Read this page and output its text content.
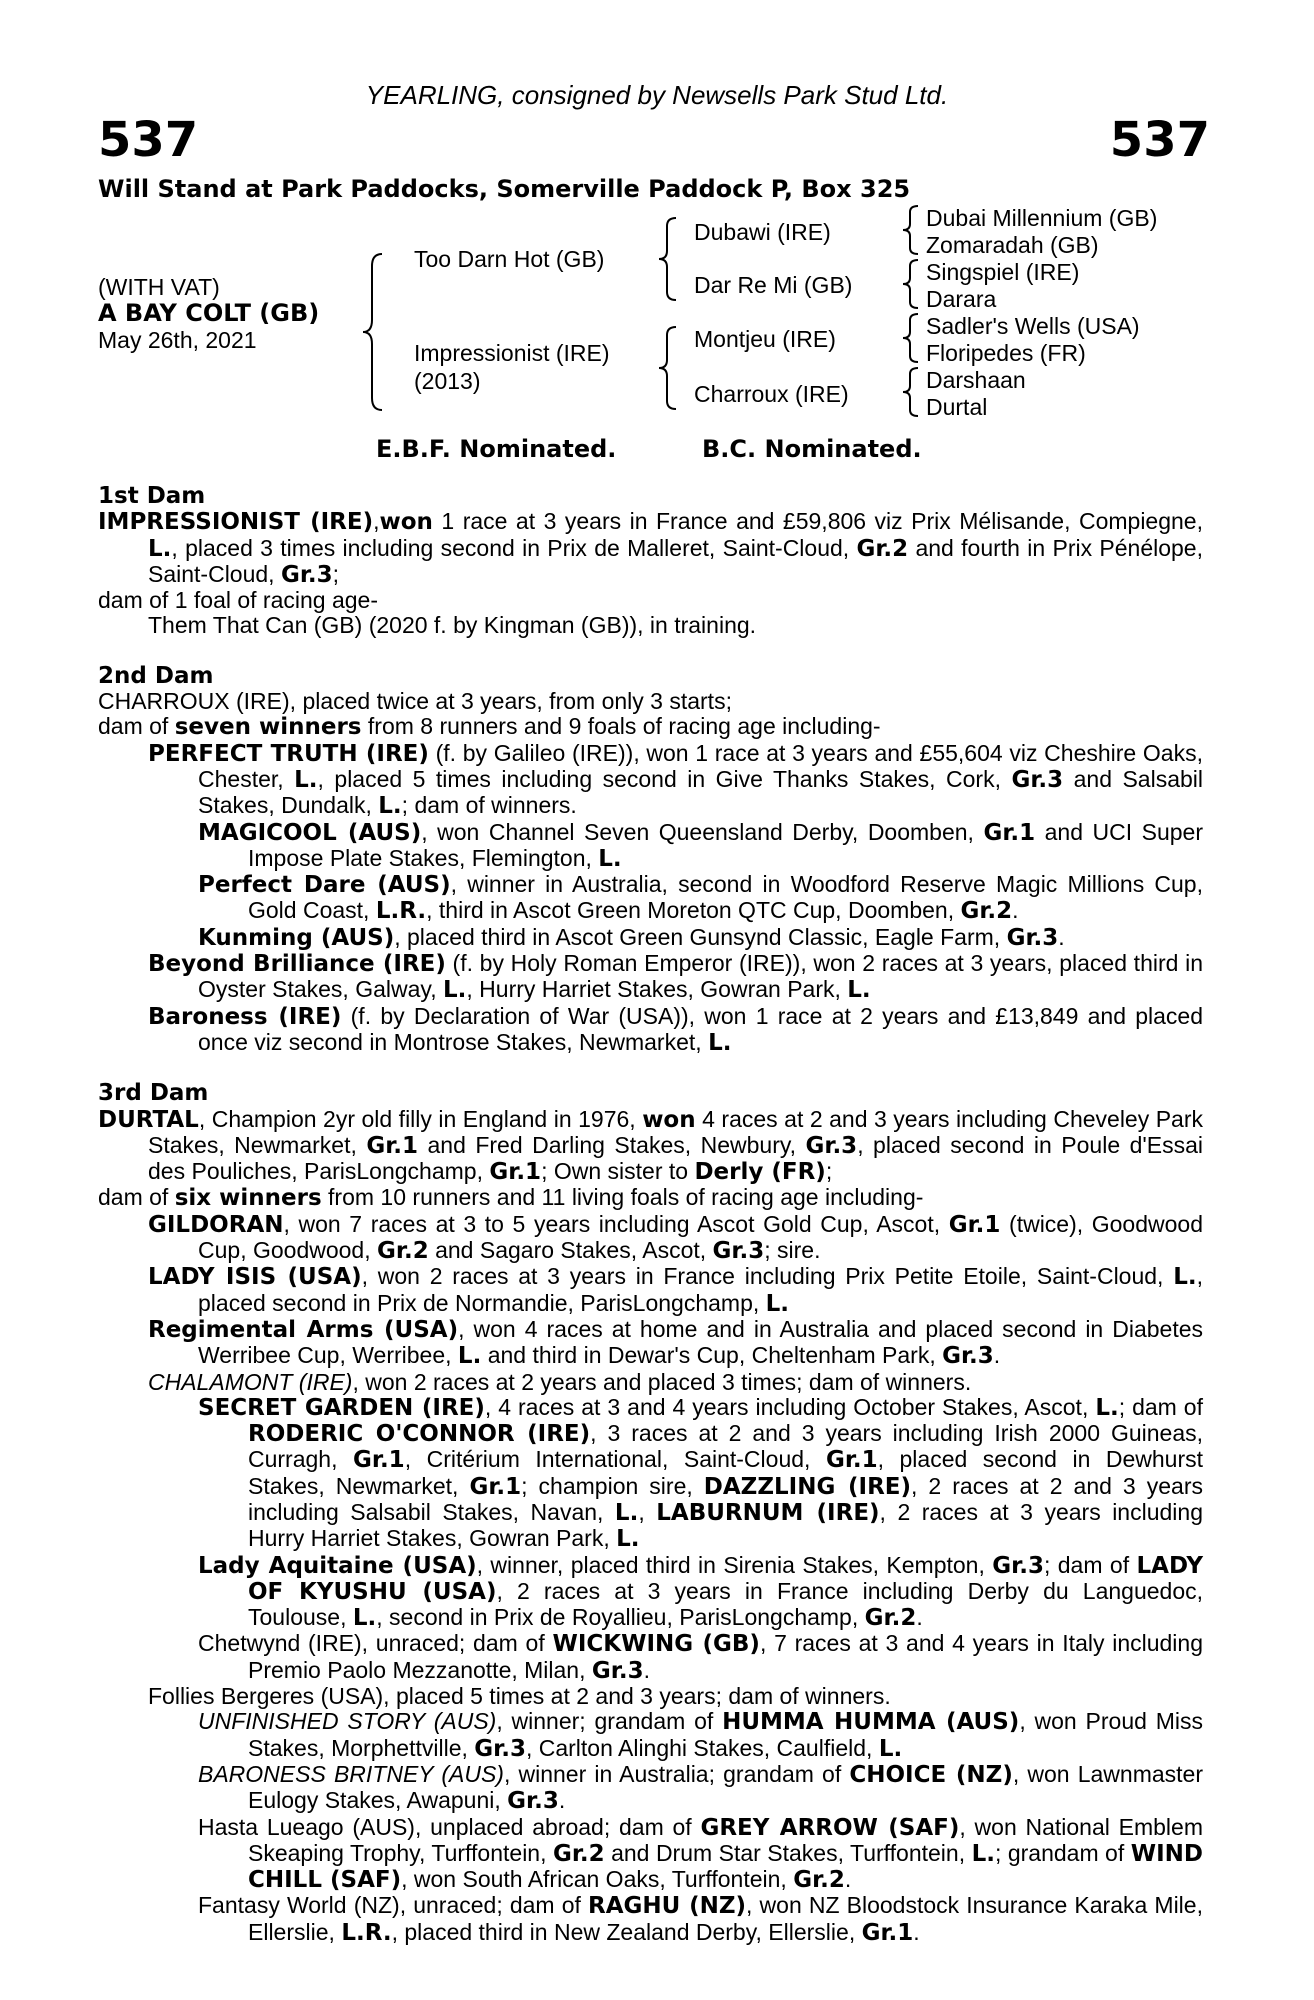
YEARLING, consigned by Newsells Park Stud Ltd.
537	537
Will Stand at Park Paddocks, Somerville Paddock P, Box 325
(WITH VAT)
A BAY COLT (GB)
May 26th, 2021
Too Darn Hot (GB)
Impressionist (IRE)
(2013)
Dubawi (IRE)
Dar Re Mi (GB)
Montjeu (IRE)
Charroux (IRE)
Dubai Millennium (GB)
Zomaradah (GB)
Singspiel (IRE)
Darara
Sadler's Wells (USA)
Floripedes (FR)
Darshaan
Durtal
E.B.F. Nominated.	B.C. Nominated.
1st Dam

IMPRESSIONIST (IRE),won 1 race at 3 years in France and £59,806 viz Prix Mélisande, Compiegne, L., placed 3 times including second in Prix de Malleret, Saint-Cloud, Gr.2 and fourth in Prix Pénélope, Saint-Cloud, Gr.3;

dam of 1 foal of racing age-

Them That Can (GB) (2020 f. by Kingman (GB)), in training.

2nd Dam

CHARROUX (IRE), placed twice at 3 years, from only 3 starts;

dam of seven winners from 8 runners and 9 foals of racing age including-

PERFECT TRUTH (IRE) (f. by Galileo (IRE)), won 1 race at 3 years and £55,604 viz Cheshire Oaks, Chester, L., placed 5 times including second in Give Thanks Stakes, Cork, Gr.3 and Salsabil Stakes, Dundalk, L.; dam of winners.

MAGICOOL (AUS), won Channel Seven Queensland Derby, Doomben, Gr.1 and UCI Super Impose Plate Stakes, Flemington, L.

Perfect Dare (AUS), winner in Australia, second in Woodford Reserve Magic Millions Cup, Gold Coast, L.R., third in Ascot Green Moreton QTC Cup, Doomben, Gr.2.

Kunming (AUS), placed third in Ascot Green Gunsynd Classic, Eagle Farm, Gr.3.

Beyond Brilliance (IRE) (f. by Holy Roman Emperor (IRE)), won 2 races at 3 years, placed third in Oyster Stakes, Galway, L., Hurry Harriet Stakes, Gowran Park, L.

Baroness (IRE) (f. by Declaration of War (USA)), won 1 race at 2 years and £13,849 and placed once viz second in Montrose Stakes, Newmarket, L.

3rd Dam

DURTAL, Champion 2yr old filly in England in 1976, won 4 races at 2 and 3 years including Cheveley Park Stakes, Newmarket, Gr.1 and Fred Darling Stakes, Newbury, Gr.3, placed second in Poule d'Essai des Pouliches, ParisLongchamp, Gr.1; Own sister to Derly (FR);

dam of six winners from 10 runners and 11 living foals of racing age including-

GILDORAN, won 7 races at 3 to 5 years including Ascot Gold Cup, Ascot, Gr.1 (twice), Goodwood Cup, Goodwood, Gr.2 and Sagaro Stakes, Ascot, Gr.3; sire.

LADY ISIS (USA), won 2 races at 3 years in France including Prix Petite Etoile, Saint-Cloud, L., placed second in Prix de Normandie, ParisLongchamp, L.

Regimental Arms (USA), won 4 races at home and in Australia and placed second in Diabetes Werribee Cup, Werribee, L. and third in Dewar's Cup, Cheltenham Park, Gr.3.

CHALAMONT (IRE), won 2 races at 2 years and placed 3 times; dam of winners.

SECRET GARDEN (IRE), 4 races at 3 and 4 years including October Stakes, Ascot, L.; dam of RODERIC O'CONNOR (IRE), 3 races at 2 and 3 years including Irish 2000 Guineas, Curragh, Gr.1, Critérium International, Saint-Cloud, Gr.1, placed second in Dewhurst Stakes, Newmarket, Gr.1; champion sire, DAZZLING (IRE), 2 races at 2 and 3 years including Salsabil Stakes, Navan, L., LABURNUM (IRE), 2 races at 3 years including Hurry Harriet Stakes, Gowran Park, L.

Lady Aquitaine (USA), winner, placed third in Sirenia Stakes, Kempton, Gr.3; dam of LADY OF KYUSHU (USA), 2 races at 3 years in France including Derby du Languedoc, Toulouse, L., second in Prix de Royallieu, ParisLongchamp, Gr.2.

Chetwynd (IRE), unraced; dam of WICKWING (GB), 7 races at 3 and 4 years in Italy including Premio Paolo Mezzanotte, Milan, Gr.3.

Follies Bergeres (USA), placed 5 times at 2 and 3 years; dam of winners.

UNFINISHED STORY (AUS), winner; grandam of HUMMA HUMMA (AUS), won Proud Miss Stakes, Morphettville, Gr.3, Carlton Alinghi Stakes, Caulfield, L.

BARONESS BRITNEY (AUS), winner in Australia; grandam of CHOICE (NZ), won Lawnmaster Eulogy Stakes, Awapuni, Gr.3.

Hasta Lueago (AUS), unplaced abroad; dam of GREY ARROW (SAF), won National Emblem Skeaping Trophy, Turffontein, Gr.2 and Drum Star Stakes, Turffontein, L.; grandam of WIND CHILL (SAF), won South African Oaks, Turffontein, Gr.2.

Fantasy World (NZ), unraced; dam of RAGHU (NZ), won NZ Bloodstock Insurance Karaka Mile, Ellerslie, L.R., placed third in New Zealand Derby, Ellerslie, Gr.1.
